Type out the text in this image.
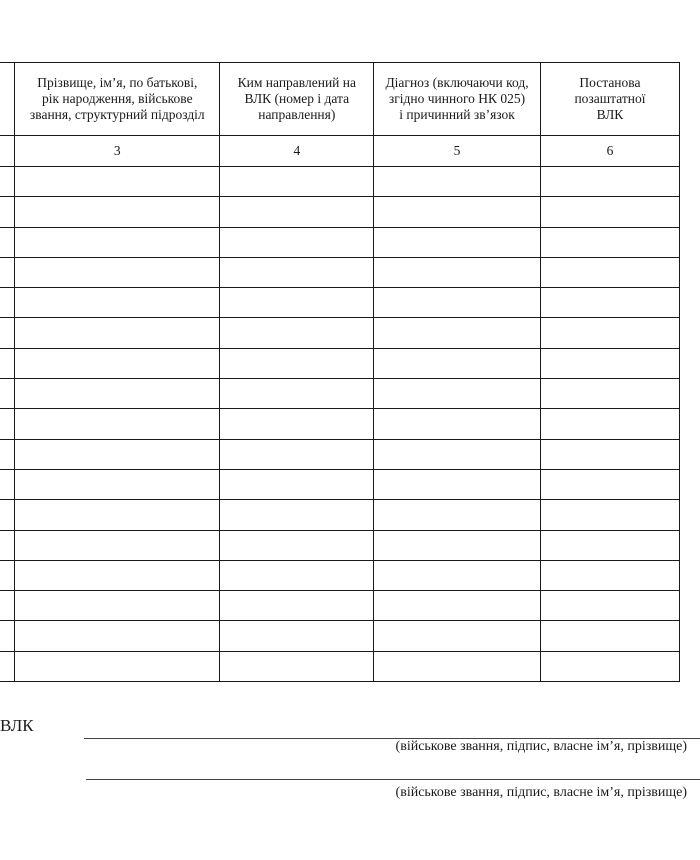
	Прізвище, ім’я, по батькові,
рік народження, військове
звання, структурний підрозділ	Ким направлений на
ВЛК (номер і дата
направлення)	Діагноз (включаючи код,
згідно чинного НК 025)
і причинний зв’язок	Постанова
позаштатної
ВЛК
	3	4	5	6

ВЛК
(військове звання, підпис, власне ім’я, прізвище)
(військове звання, підпис, власне ім’я, прізвище)
